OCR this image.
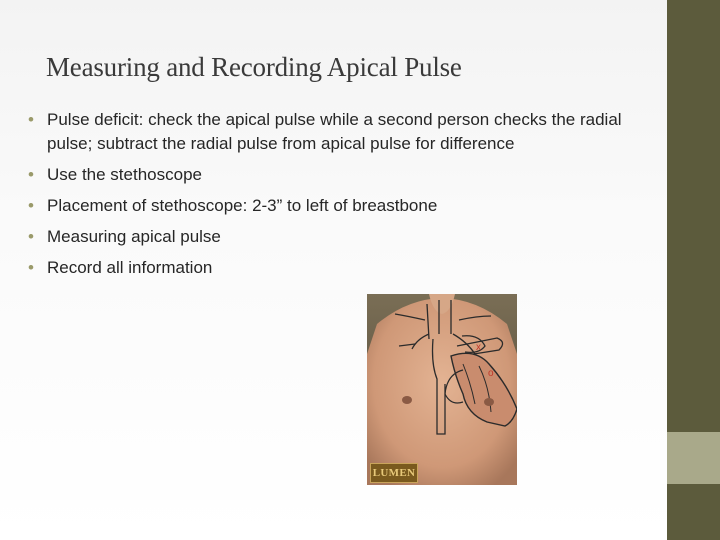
Measuring and Recording Apical Pulse
• Pulse deficit: check the apical pulse while a second person checks the radial pulse; subtract the radial pulse from apical pulse for difference
• Use the stethoscope
• Placement of stethoscope: 2-3” to left of breastbone
• Measuring apical pulse
• Record all information
x
o
LUMEN
